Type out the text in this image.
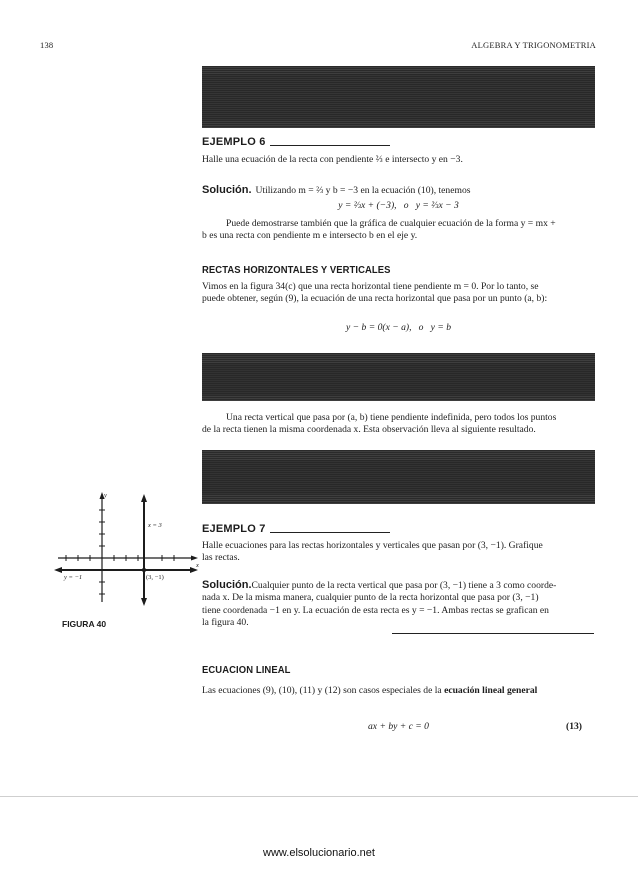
138	ALGEBRA Y TRIGONOMETRIA
EJEMPLO 6
Halle una ecuación de la recta con pendiente ⅔ e intersecto y en −3.
Solución. Utilizando m = ⅔ y b = −3 en la ecuación (10), tenemos
y = ⅔x + (−3),   o   y = ⅔x − 3
Puede demostrarse también que la gráfica de cualquier ecuación de la forma y = mx +
b es una recta con pendiente m e intersecto b en el eje y.
RECTAS HORIZONTALES Y VERTICALES
Vimos en la figura 34(c) que una recta horizontal tiene pendiente m = 0. Por lo tanto, se
puede obtener, según (9), la ecuación de una recta horizontal que pasa por un punto (a, b):
y − b = 0(x − a),   o   y = b
Una recta vertical que pasa por (a, b) tiene pendiente indefinida, pero todos los puntos
de la recta tienen la misma coordenada x. Esta observación lleva al siguiente resultado.
y
x
x = 3
y = −1	(3, −1)
FIGURA 40
EJEMPLO 7
Halle ecuaciones para las rectas horizontales y verticales que pasan por (3, −1). Grafique
las rectas.
Solución.Cualquier punto de la recta vertical que pasa por (3, −1) tiene a 3 como coorde-
nada x. De la misma manera, cualquier punto de la recta horizontal que pasa por (3, −1)
tiene coordenada −1 en y. La ecuación de esta recta es y = −1. Ambas rectas se grafican en
la figura 40.
ECUACION LINEAL
Las ecuaciones (9), (10), (11) y (12) son casos especiales de la ecuación lineal general
ax + by + c = 0	(13)
www.elsolucionario.net
